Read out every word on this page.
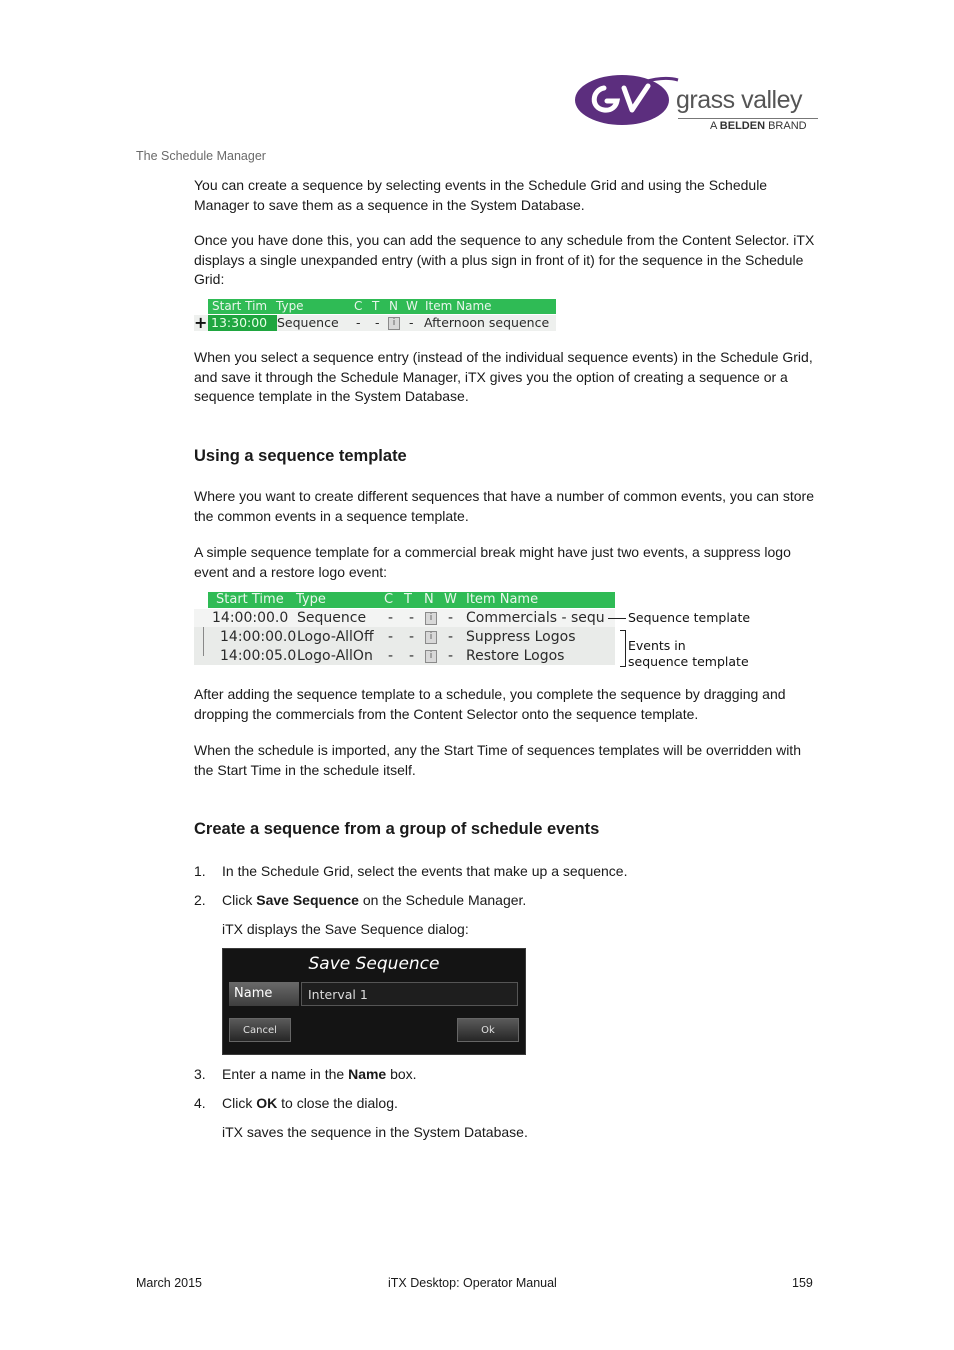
grass valley
A BELDEN BRAND
The Schedule Manager

You can create a sequence by selecting events in the Schedule Grid and using the Schedule Manager to save them as a sequence in the System Database.

Once you have done this, you can add the sequence to any schedule from the Content Selector. iTX displays a single unexpanded entry (with a plus sign in front of it) for the sequence in the Schedule Grid:

Start Tim Type	C T N W Item Name
+ 13:30:00 Sequence - -	i	- Afternoon sequence

When you select a sequence entry (instead of the individual sequence events) in the Schedule Grid, and save it through the Schedule Manager, iTX gives you the option of creating a sequence or a sequence template in the System Database.

Using a sequence template

Where you want to create different sequences that have a number of common events, you can store the common events in a sequence template.

A simple sequence template for a commercial break might have just two events, a suppress logo event and a restore logo event:

Start Time Type	C T N W Item Name
14:00:00.0 Sequence - -	i	- Commercials - sequ
14:00:00.0 Logo-AllOff - -	i	- Suppress Logos
14:00:05.0 Logo-AllOn - -	i	- Restore Logos
Sequence template
Events in
sequence template

After adding the sequence template to a schedule, you complete the sequence by dragging and dropping the commercials from the Content Selector onto the sequence template.

When the schedule is imported, any the Start Time of sequences templates will be overridden with the Start Time in the schedule itself.

Create a sequence from a group of schedule events
1. In the Schedule Grid, select the events that make up a sequence.
2. Click Save Sequence on the Schedule Manager.
iTX displays the Save Sequence dialog:
Save Sequence
Name	Interval 1
Cancel	Ok
3. Enter a name in the Name box.
4. Click OK to close the dialog.
iTX saves the sequence in the System Database.
March 2015	iTX Desktop: Operator Manual	159
